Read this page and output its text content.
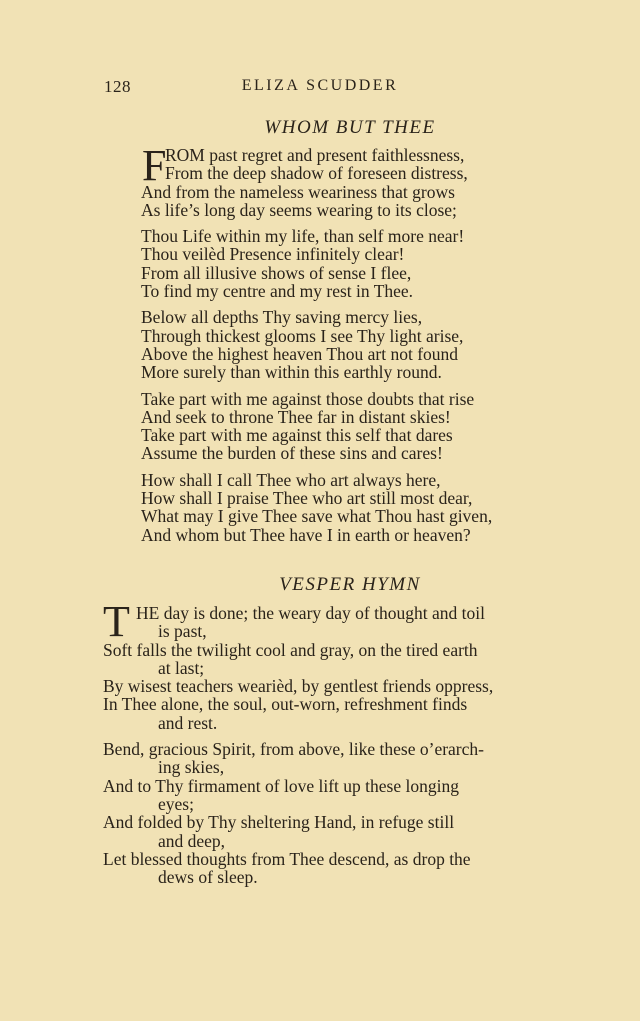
128	ELIZA SCUDDER
WHOM BUT THEE
F
ROM past regret and present faithlessness,
From the deep shadow of foreseen distress,
And from the nameless weariness that grows
As life’s long day seems wearing to its close;
Thou Life within my life, than self more near!
Thou veilèd Presence infinitely clear!
From all illusive shows of sense I flee,
To find my centre and my rest in Thee.
Below all depths Thy saving mercy lies,
Through thickest glooms I see Thy light arise,
Above the highest heaven Thou art not found
More surely than within this earthly round.
Take part with me against those doubts that rise
And seek to throne Thee far in distant skies!
Take part with me against this self that dares
Assume the burden of these sins and cares!
How shall I call Thee who art always here,
How shall I praise Thee who art still most dear,
What may I give Thee save what Thou hast given,
And whom but Thee have I in earth or heaven?
VESPER HYMN
T HE day is done; the weary day of thought and toil
is past,
Soft falls the twilight cool and gray, on the tired earth
at last;
By wisest teachers wearièd, by gentlest friends oppress,
In Thee alone, the soul, out-worn, refreshment finds
and rest.
Bend, gracious Spirit, from above, like these o’erarch-
ing skies,
And to Thy firmament of love lift up these longing
eyes;
And folded by Thy sheltering Hand, in refuge still
and deep,
Let blessed thoughts from Thee descend, as drop the
dews of sleep.
